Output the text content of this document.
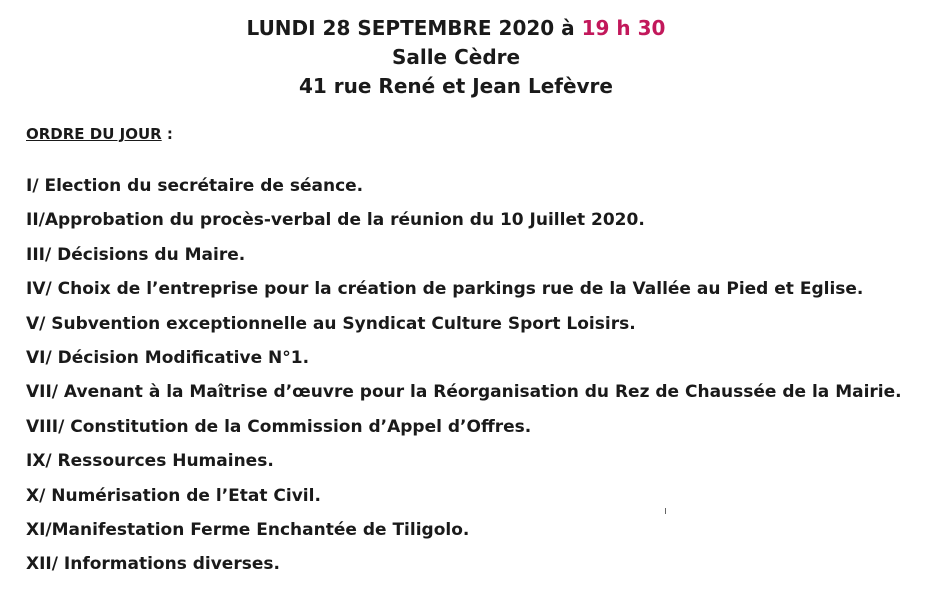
LUNDI 28 SEPTEMBRE 2020 à 19 h 30
Salle Cèdre
41 rue René et Jean Lefèvre
ORDRE DU JOUR :
I/ Election du secrétaire de séance.
II/Approbation du procès-verbal de la réunion du 10 Juillet 2020.
III/ Décisions du Maire.
IV/ Choix de l’entreprise pour la création de parkings rue de la Vallée au Pied et Eglise.
V/ Subvention exceptionnelle au Syndicat Culture Sport Loisirs.
VI/ Décision Modificative N°1.
VII/ Avenant à la Maîtrise d’œuvre pour la Réorganisation du Rez de Chaussée de la Mairie.
VIII/ Constitution de la Commission d’Appel d’Offres.
IX/ Ressources Humaines.
X/ Numérisation de l’Etat Civil.
XI/Manifestation Ferme Enchantée de Tiligolo.
XII/ Informations diverses.
